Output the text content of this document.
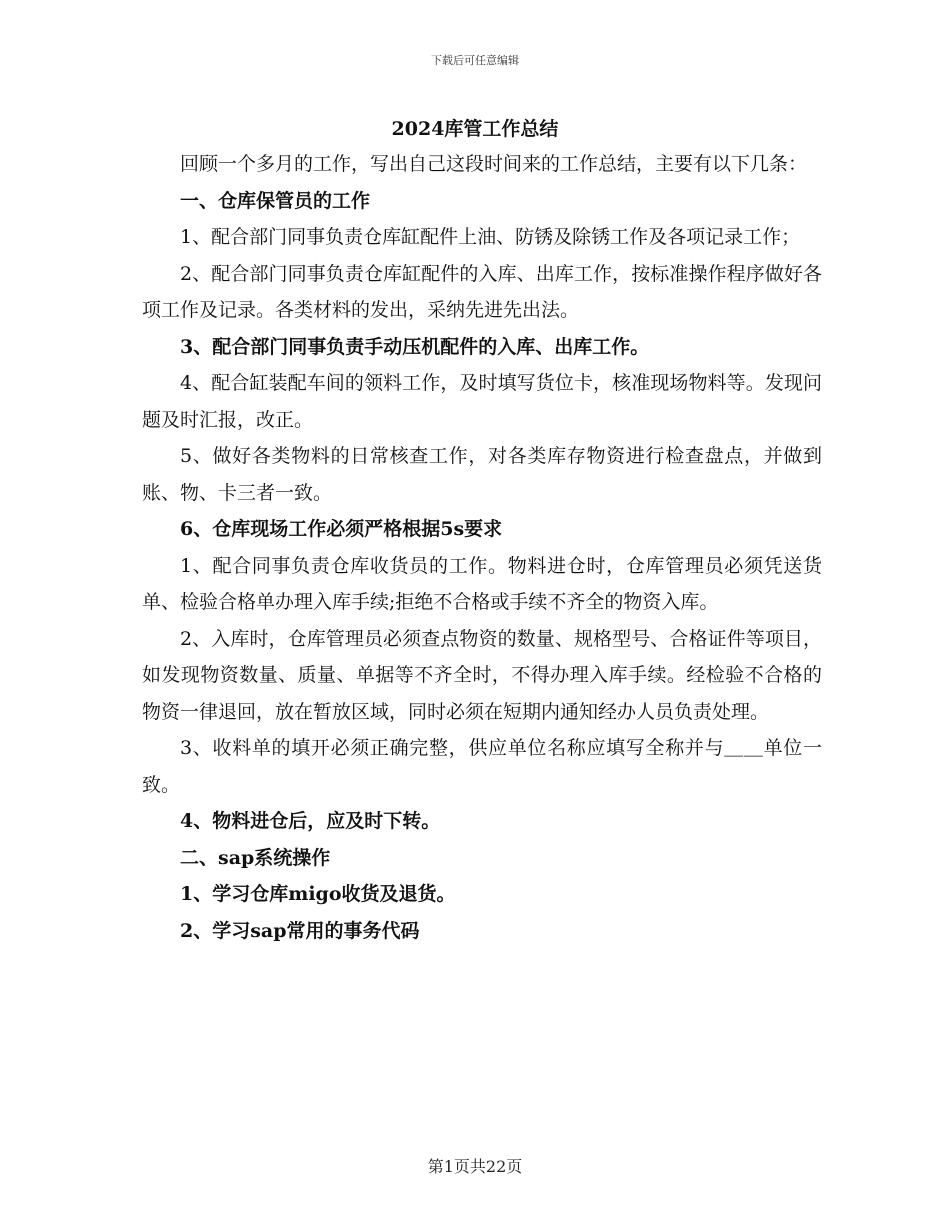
下载后可任意编辑
2024库管工作总结

回顾一个多月的工作，写出自己这段时间来的工作总结，主要有以下几条：

一、仓库保管员的工作

1、配合部门同事负责仓库缸配件上油、防锈及除锈工作及各项记录工作；

2、配合部门同事负责仓库缸配件的入库、出库工作，按标准操作程序做好各项工作及记录。各类材料的发出，采纳先进先出法。

3、配合部门同事负责手动压机配件的入库、出库工作。

4、配合缸装配车间的领料工作，及时填写货位卡，核准现场物料等。发现问题及时汇报，改正。

5、做好各类物料的日常核查工作，对各类库存物资进行检查盘点，并做到账、物、卡三者一致。

6、仓库现场工作必须严格根据5s要求

1、配合同事负责仓库收货员的工作。物料进仓时，仓库管理员必须凭送货单、检验合格单办理入库手续;拒绝不合格或手续不齐全的物资入库。

2、入库时，仓库管理员必须查点物资的数量、规格型号、合格证件等项目，如发现物资数量、质量、单据等不齐全时，不得办理入库手续。经检验不合格的物资一律退回，放在暂放区域，同时必须在短期内通知经办人员负责处理。

3、收料单的填开必须正确完整，供应单位名称应填写全称并与＿＿单位一致。

4、物料进仓后，应及时下转。

二、sap系统操作

1、学习仓库migo收货及退货。

2、学习sap常用的事务代码

第1页共22页
